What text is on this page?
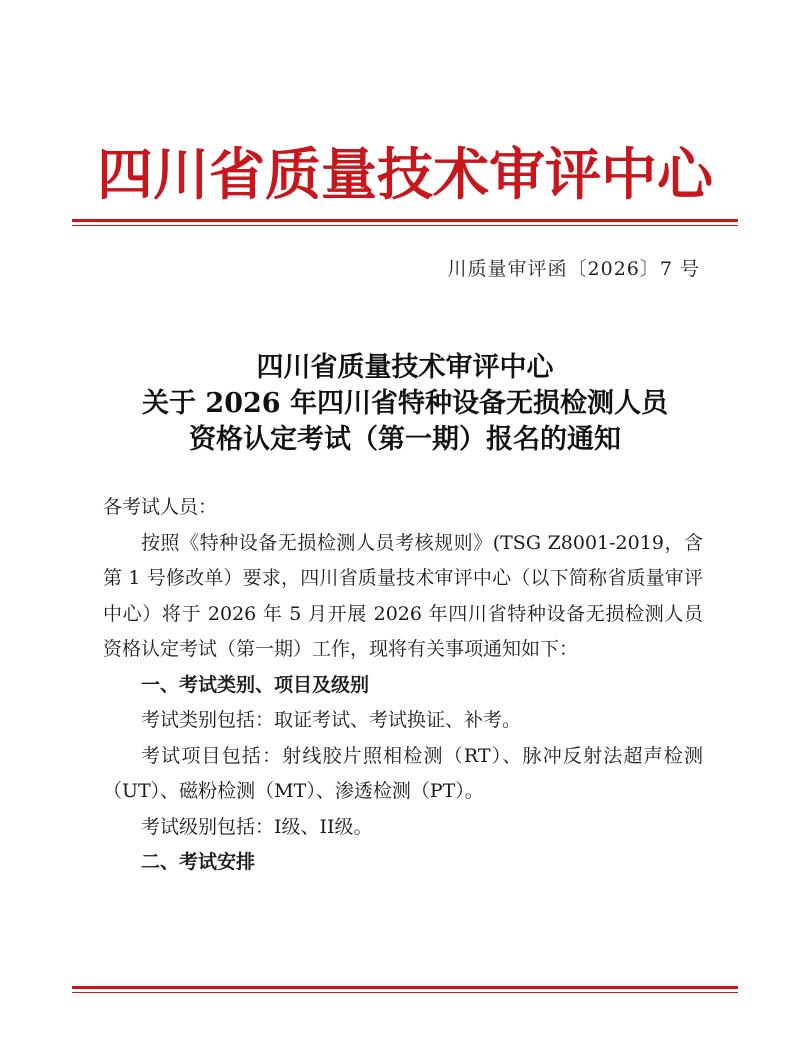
四川省质量技术审评中心
川质量审评函〔2026〕7 号
四川省质量技术审评中心
关于 2026 年四川省特种设备无损检测人员
资格认定考试（第一期）报名的通知

各考试人员：

按照《特种设备无损检测人员考核规则》(TSG Z8001-2019，含第 1 号修改单）要求，四川省质量技术审评中心（以下简称省质量审评中心）将于 2026 年 5 月开展 2026 年四川省特种设备无损检测人员资格认定考试（第一期）工作，现将有关事项通知如下：

一、考试类别、项目及级别

考试类别包括：取证考试、考试换证、补考。

考试项目包括：射线胶片照相检测（RT）、脉冲反射法超声检测（UT）、磁粉检测（MT）、渗透检测（PT）。

考试级别包括：I级、II级。

二、考试安排
